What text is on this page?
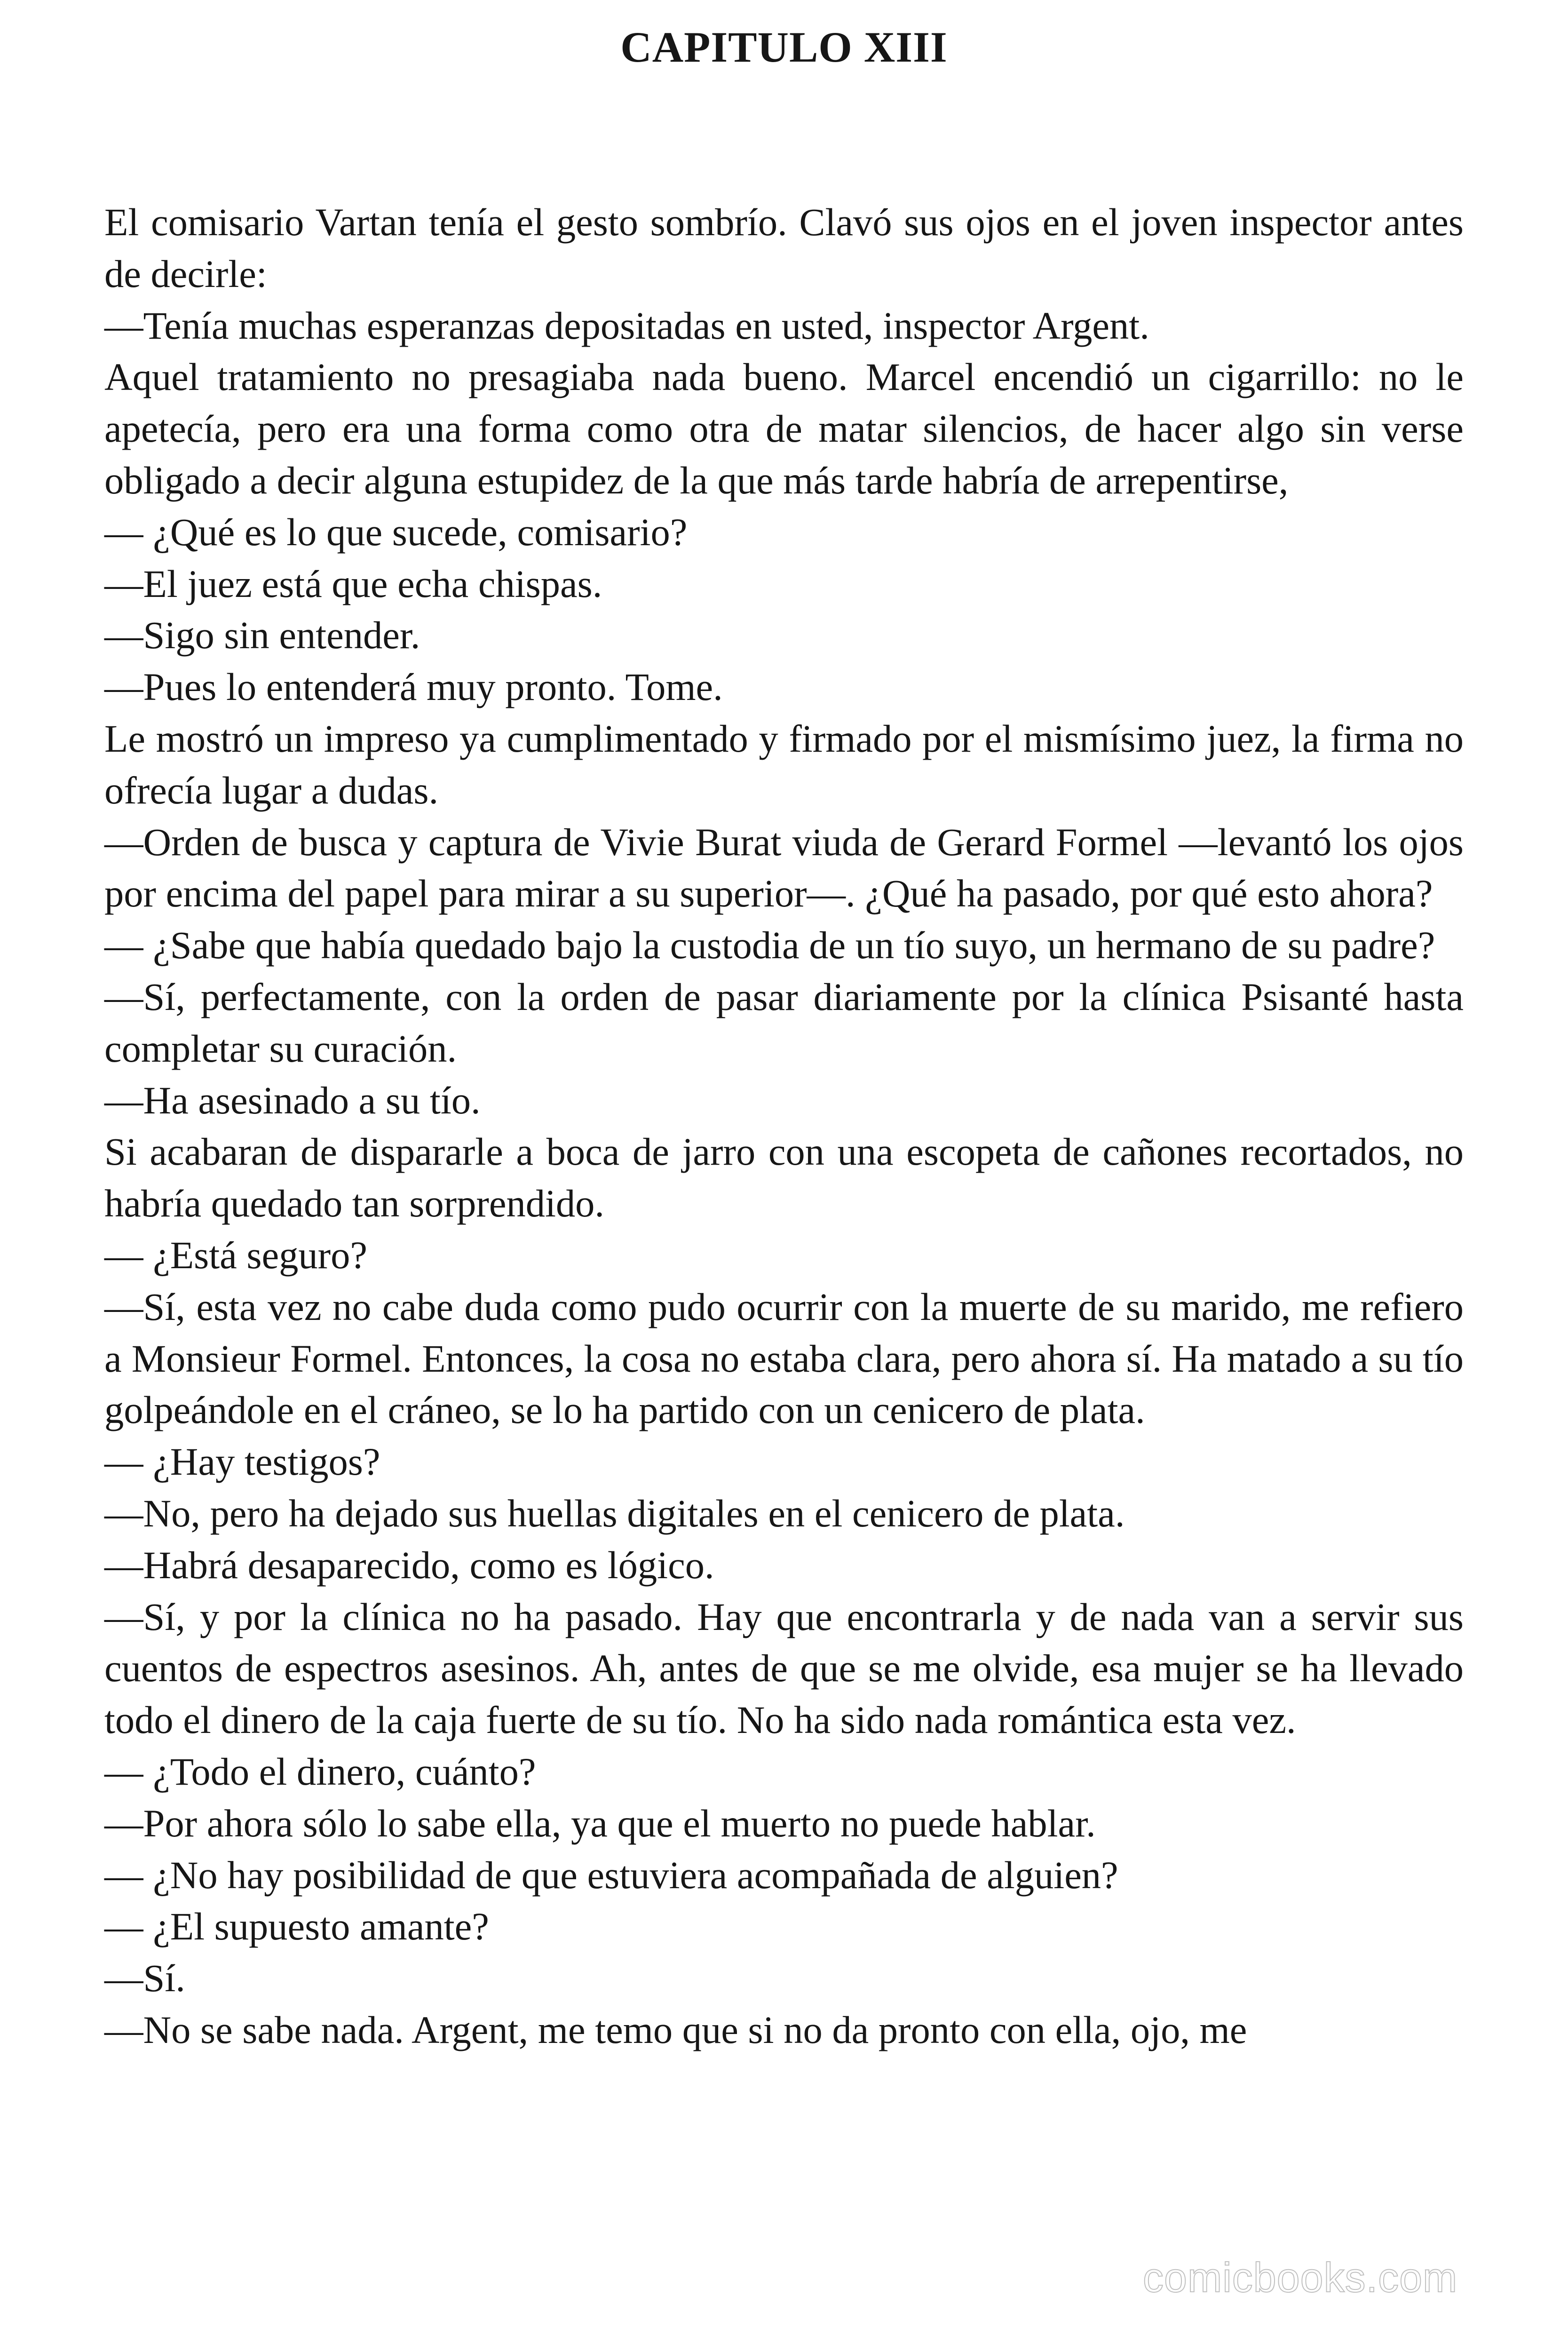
CAPITULO XIII

El comisario Vartan tenía el gesto sombrío. Clavó sus ojos en el joven inspector antes de decirle:

—Tenía muchas esperanzas depositadas en usted, inspector Argent.

Aquel tratamiento no presagiaba nada bueno. Marcel encendió un cigarrillo: no le apetecía, pero era una forma como otra de matar silencios, de hacer algo sin verse obligado a decir alguna estupidez de la que más tarde habría de arrepentirse,

— ¿Qué es lo que sucede, comisario?

—El juez está que echa chispas.

—Sigo sin entender.

—Pues lo entenderá muy pronto. Tome.

Le mostró un impreso ya cumplimentado y firmado por el mismísimo juez, la firma no ofrecía lugar a dudas.

—Orden de busca y captura de Vivie Burat viuda de Gerard Formel —levantó los ojos por encima del papel para mirar a su superior—. ¿Qué ha pasado, por qué esto ahora?

— ¿Sabe que había quedado bajo la custodia de un tío suyo, un hermano de su padre?

—Sí, perfectamente, con la orden de pasar diariamente por la clínica Psisanté hasta completar su curación.

—Ha asesinado a su tío.

Si acabaran de dispararle a boca de jarro con una escopeta de cañones recortados, no habría quedado tan sorprendido.

— ¿Está seguro?

—Sí, esta vez no cabe duda como pudo ocurrir con la muerte de su marido, me refiero a Monsieur Formel. Entonces, la cosa no estaba clara, pero ahora sí. Ha matado a su tío golpeándole en el cráneo, se lo ha partido con un cenicero de plata.

— ¿Hay testigos?

—No, pero ha dejado sus huellas digitales en el cenicero de plata.

—Habrá desaparecido, como es lógico.

—Sí, y por la clínica no ha pasado. Hay que encontrarla y de nada van a servir sus cuentos de espectros asesinos. Ah, antes de que se me olvide, esa mujer se ha llevado todo el dinero de la caja fuerte de su tío. No ha sido nada romántica esta vez.

— ¿Todo el dinero, cuánto?

—Por ahora sólo lo sabe ella, ya que el muerto no puede hablar.

— ¿No hay posibilidad de que estuviera acompañada de alguien?

— ¿El supuesto amante?

—Sí.

—No se sabe nada. Argent, me temo que si no da pronto con ella, ojo, me

comicbooks.com
